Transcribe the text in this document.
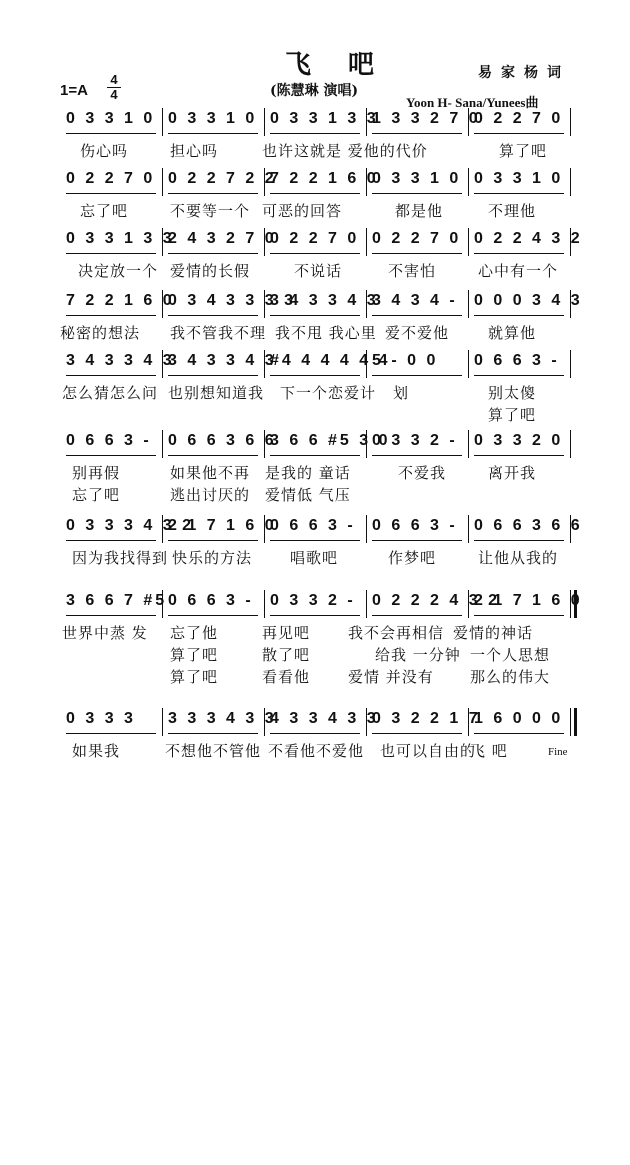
飞 吧	易家杨词
(陈慧琳 演唱)
Yoon H- Sana/Yunees曲
1=A
4
4
0 3 3 1 0 0 3 3 1 0 0 3 3 1 3 3
1 3 3 2 7 0
0 2 2 7 0
伤心吗	担心吗	也许这就是 爱他的代价	算了吧
0 2 2 7 0 0 2 2 7 2 2
7 2 2 1 6 0
0 3 3 1 0 0 3 3 1 0
忘了吧	不要等一个 可恶的回答	都是他	不理他
0 3 3 1 3 3
2 4 3 2 7 0
0 2 2 7 0 0 2 2 7 0 0 2 2 4 3 2
决定放一个 爱情的长假	不说话	不害怕	心中有一个
7 2 2 1 6 0
0 3 4 3 3 3 3
3 4 3 3 4 3
3 4 3 4 -	0 0 0 3 4 3
秘密的想法 我不管我不理 我不甩 我心里 爱不爱他	就算他
3 4 3 3 4 3
3 4 3 3 4 3
#4 4 4 4 4 4
5 - 0 0	0 6 6 3 -
怎么猜怎么问 也别想知道我 下一个恋爱计 划	别太傻
算了吧
0 6 6 3 -	0 6 6 3 6 6
3 6 6 #5 3 0
0 3 3 2 -	0 3 3 2 0
别再假	如果他不再 是我的 童话	不爱我	离开我
忘了吧	逃出讨厌的 爱情低 气压
0 3 3 3 4 3 2
2 1 7 1 6 0
0 6 6 3 -	0 6 6 3 -	0 6 6 3 6 6
因为我找得到 快乐的方法	唱歌吧	作梦吧	让他从我的
3 6 6 7 #5 0 6 6 3 -	0 3 3 2 -	0 2 2 2 4 3 2
2 1 7 1 6 0
世界中蒸 发 忘了他	再见吧	我不会再相信 爱情的神话
算了吧	散了吧	给我 一分钟 一个人思想
算了吧	看看他	爱情 并没有 那么的伟大
0 3 3 3	3 3 3 4 3 3
4 3 3 4 3 3
0 3 2 2 1 7
1 6 0 0 0
如果我	不想他不管他 不看他不爱他 也可以自由的
飞 吧	Fine
